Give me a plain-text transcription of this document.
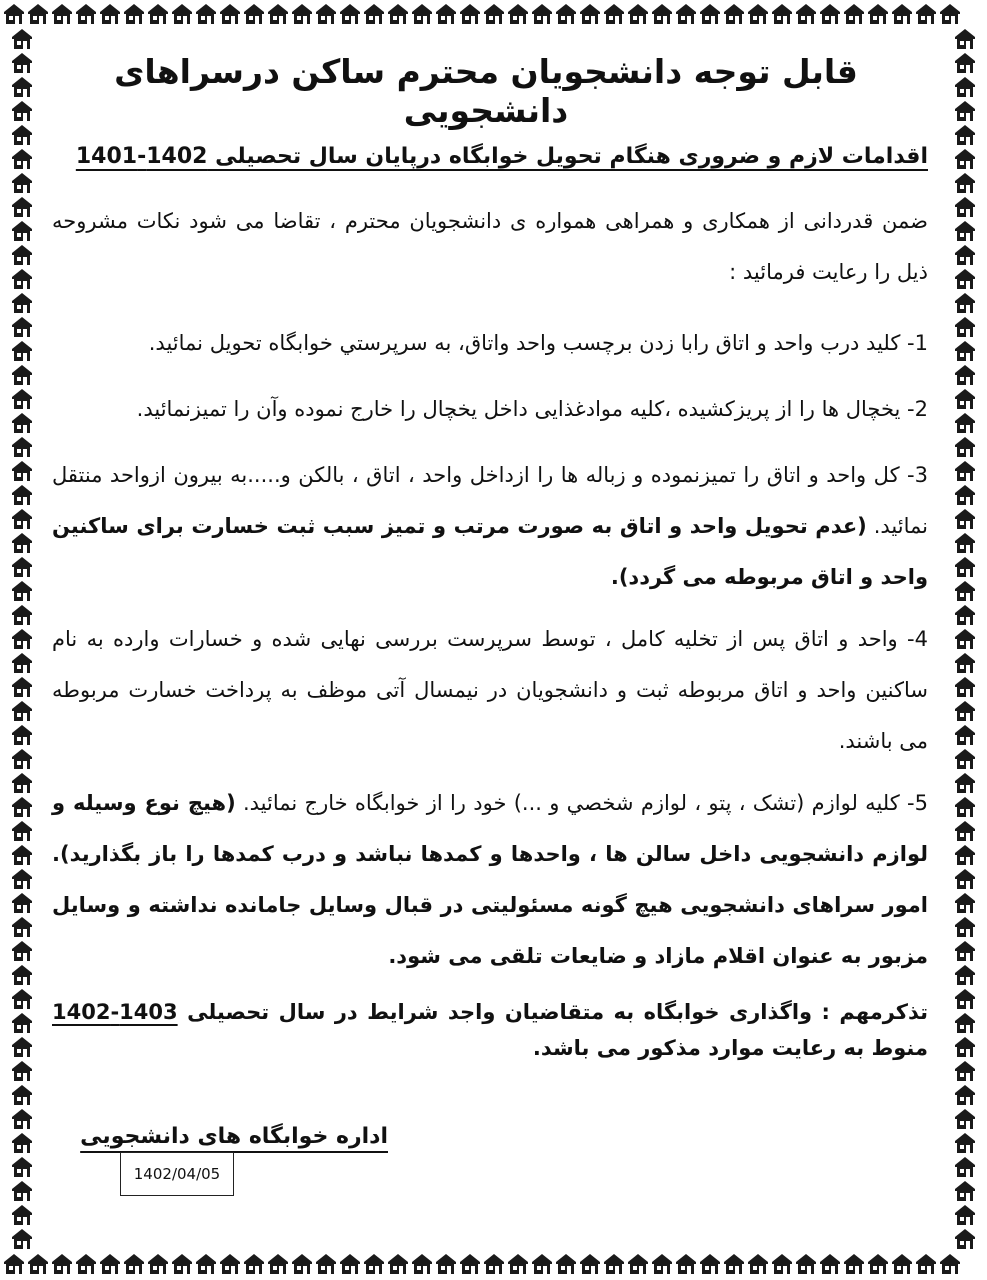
قابل توجه دانشجویان محترم ساکن درسراهای دانشجویی
اقدامات لازم و ضروری هنگام تحویل خوابگاه درپایان سال تحصیلی 1402-1401
ضمن قدردانی از همکاری و همراهی همواره ی دانشجویان محترم ، تقاضا می شود نکات مشروحه ذیل را رعایت فرمائید :
1- کلید درب واحد و اتاق رابا زدن برچسب واحد واتاق، به سرپرستي خوابگاه تحویل نمائید.
2- یخچال ها را از پریزکشیده ،کلیه موادغذایی داخل یخچال را خارج نموده وآن را تمیزنمائید.
3- کل واحد و اتاق را تمیزنموده و زباله ها را ازداخل واحد ، اتاق ، بالکن و.....به بیرون ازواحد منتقل نمائید. (عدم تحویل واحد و اتاق به صورت مرتب و تمیز سبب ثبت خسارت برای ساکنین واحد و اتاق مربوطه می گردد).
4- واحد و اتاق پس از تخلیه کامل ، توسط سرپرست بررسی نهایی شده و خسارات وارده به نام ساکنین واحد و اتاق مربوطه ثبت و دانشجویان در نیمسال آتی موظف به پرداخت خسارت مربوطه می باشند.
5- کلیه لوازم (تشک ، پتو ، لوازم شخصي و ...) خود را از خوابگاه خارج نمائید. (هیچ نوع وسیله و لوازم دانشجویی داخل سالن ها ، واحدها و کمدها نباشد و درب کمدها را باز بگذارید). امور سراهای دانشجویی هیچ گونه مسئولیتی در قبال وسایل جامانده نداشته و وسایل مزبور به عنوان اقلام مازاد و ضایعات تلقی می شود.
تذکرمهم : واگذاری خوابگاه به متقاضیان واجد شرایط در سال تحصیلی 1403-1402 منوط به رعایت موارد مذکور می باشد.
اداره خوابگاه های دانشجویی
1402/04/05
